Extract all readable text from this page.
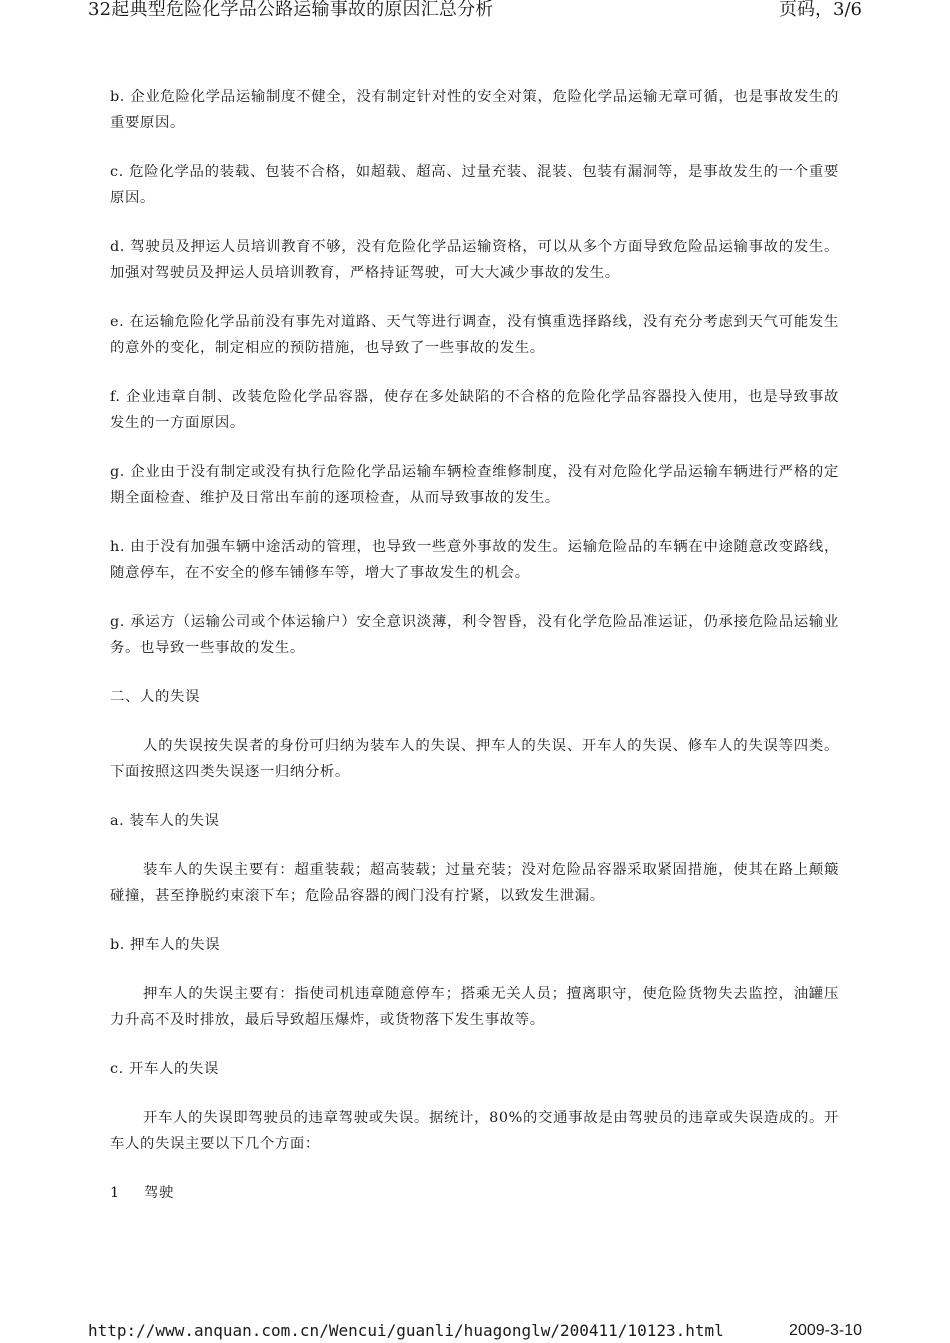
32起典型危险化学品公路运输事故的原因汇总分析	页码，3/6

b. 企业危险化学品运输制度不健全，没有制定针对性的安全对策，危险化学品运输无章可循，也是事故发生的重要原因。

c. 危险化学品的装载、包装不合格，如超载、超高、过量充装、混装、包装有漏洞等，是事故发生的一个重要原因。

d. 驾驶员及押运人员培训教育不够，没有危险化学品运输资格，可以从多个方面导致危险品运输事故的发生。加强对驾驶员及押运人员培训教育，严格持证驾驶，可大大减少事故的发生。

e. 在运输危险化学品前没有事先对道路、天气等进行调查，没有慎重选择路线，没有充分考虑到天气可能发生的意外的变化，制定相应的预防措施，也导致了一些事故的发生。

f. 企业违章自制、改装危险化学品容器，使存在多处缺陷的不合格的危险化学品容器投入使用，也是导致事故发生的一方面原因。

g. 企业由于没有制定或没有执行危险化学品运输车辆检查维修制度，没有对危险化学品运输车辆进行严格的定期全面检查、维护及日常出车前的逐项检查，从而导致事故的发生。

h. 由于没有加强车辆中途活动的管理，也导致一些意外事故的发生。运输危险品的车辆在中途随意改变路线，随意停车，在不安全的修车铺修车等，增大了事故发生的机会。

g. 承运方（运输公司或个体运输户）安全意识淡薄，利令智昏，没有化学危险品准运证，仍承接危险品运输业务。也导致一些事故的发生。

二、人的失误

人的失误按失误者的身份可归纳为装车人的失误、押车人的失误、开车人的失误、修车人的失误等四类。下面按照这四类失误逐一归纳分析。

a. 装车人的失误

装车人的失误主要有：超重装载；超高装载；过量充装；没对危险品容器采取紧固措施，使其在路上颠簸碰撞，甚至挣脱约束滚下车；危险品容器的阀门没有拧紧，以致发生泄漏。

b. 押车人的失误

押车人的失误主要有：指使司机违章随意停车；搭乘无关人员；擅离职守，使危险货物失去监控，油罐压力升高不及时排放，最后导致超压爆炸，或货物落下发生事故等。

c. 开车人的失误

开车人的失误即驾驶员的违章驾驶或失误。据统计，80%的交通事故是由驾驶员的违章或失误造成的。开车人的失误主要以下几个方面：

1 驾驶

http://www.anquan.com.cn/Wencui/guanli/huagonglw/200411/10123.html	2009-3-10
